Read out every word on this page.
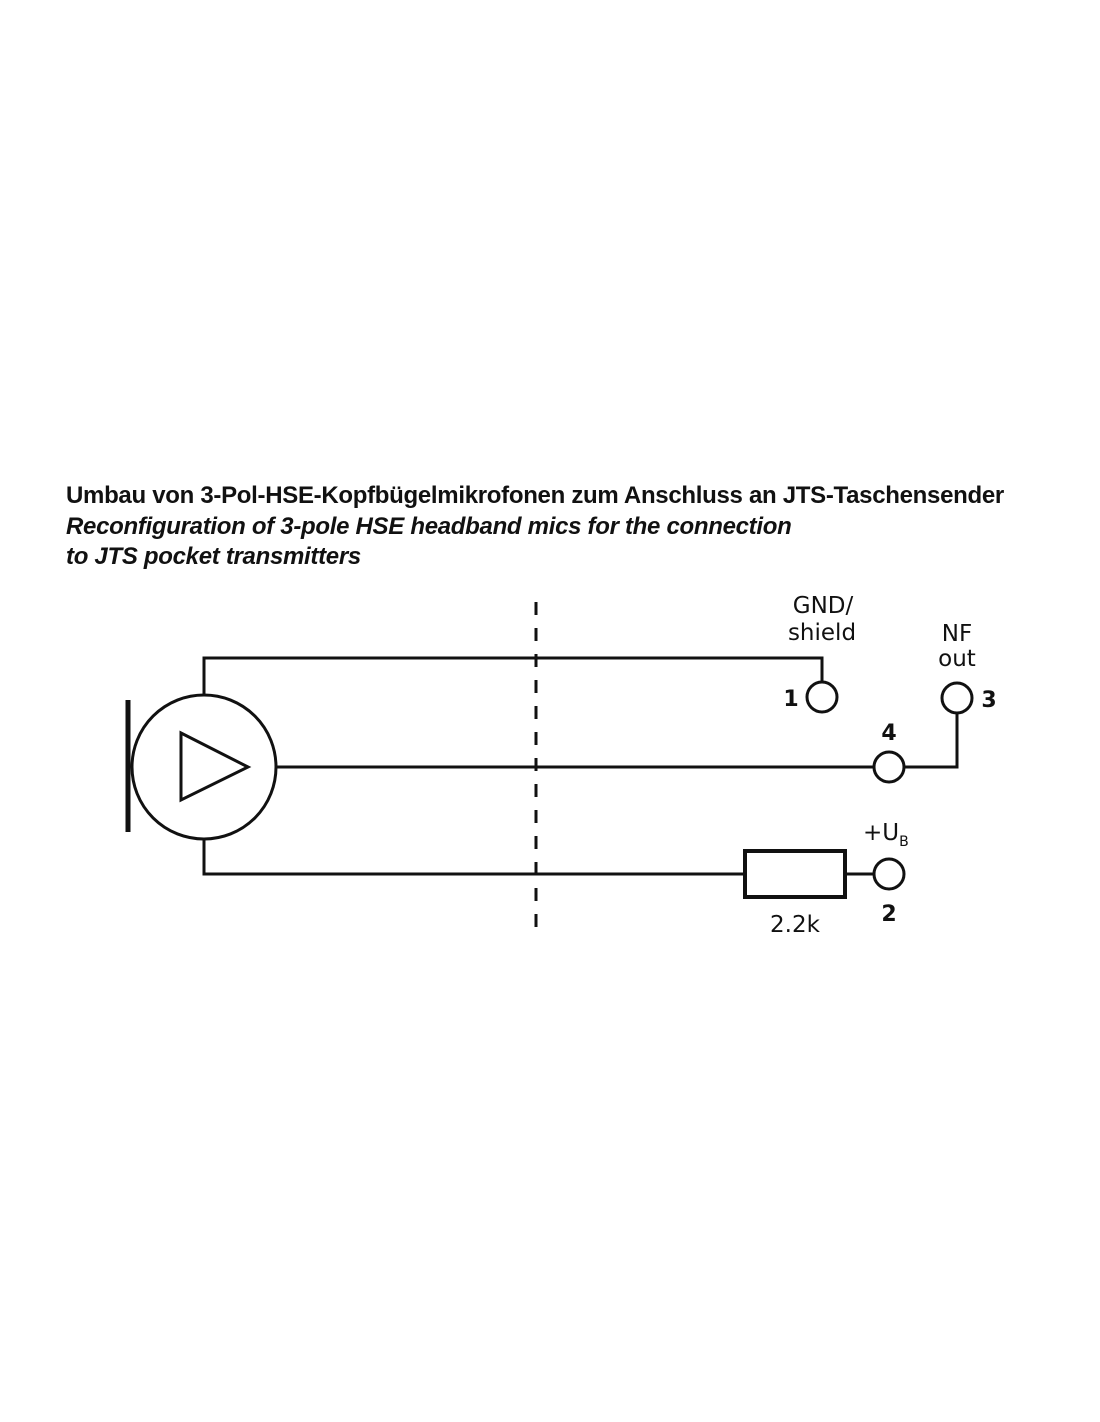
Umbau von 3-Pol-HSE-Kopfbügelmikrofonen zum Anschluss an JTS-Taschensender
Reconfiguration of 3-pole HSE headband mics for the connection
to JTS pocket transmitters
GND/
shield	NF
out
$+U_B$
2.2k
1
2
3
4
